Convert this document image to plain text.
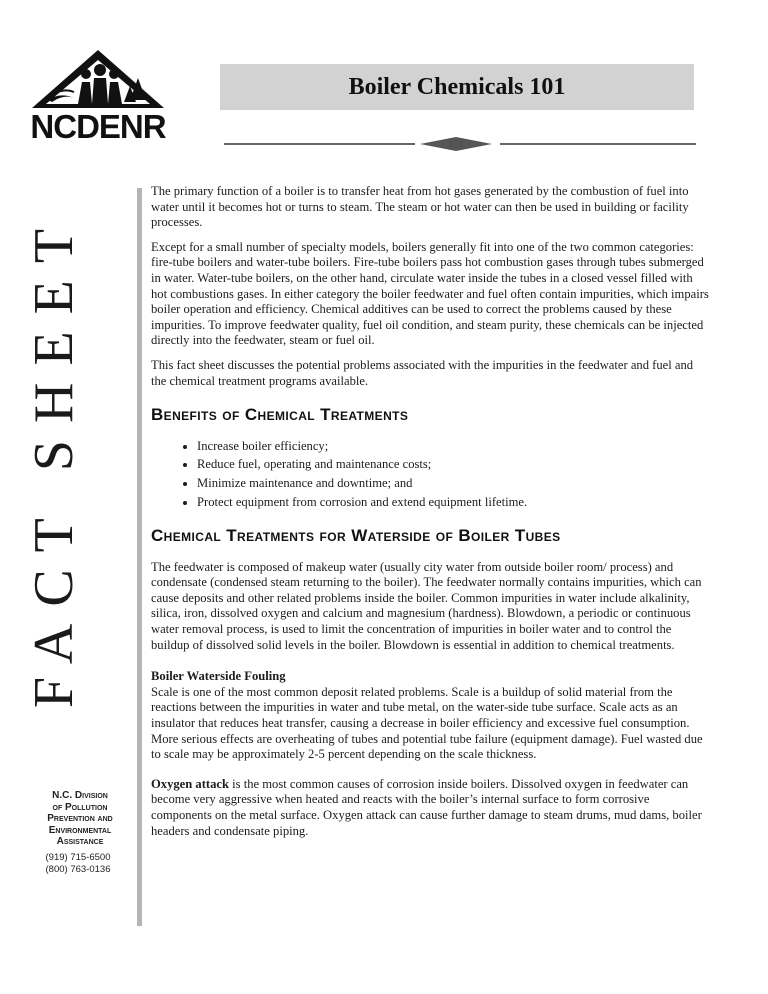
NCDENR
Boiler Chemicals 101
FACT SHEET
N.C. Division
of Pollution
Prevention and
Environmental
Assistance
(919) 715-6500
(800) 763-0136

The primary function of a boiler is to transfer heat from hot gases generated by the combustion of fuel into water until it becomes hot or turns to steam. The steam or hot water can then be used in building or facility processes.

Except for a small number of specialty models, boilers generally fit into one of the two common categories: fire-tube boilers and water-tube boilers. Fire-tube boilers pass hot combustion gases through tubes submerged in water. Water-tube boilers, on the other hand, circulate water inside the tubes in a closed vessel filled with hot combustions gases. In either category the boiler feedwater and fuel often contain impurities, which impairs boiler operation and efficiency. Chemical additives can be used to correct the problems caused by these impurities. To improve feedwater quality, fuel oil condition, and steam purity, these chemicals can be injected directly into the feedwater, steam or fuel oil.

This fact sheet discusses the potential problems associated with the impurities in the feedwater and fuel and the chemical treatment programs available.

Benefits of Chemical Treatments
• Increase boiler efficiency;
• Reduce fuel, operating and maintenance costs;
• Minimize maintenance and downtime; and
• Protect equipment from corrosion and extend equipment lifetime.
Chemical Treatments for Waterside of Boiler Tubes

The feedwater is composed of makeup water (usually city water from outside boiler room/ process) and condensate (condensed steam returning to the boiler). The feedwater normally contains impurities, which can cause deposits and other related problems inside the boiler. Common impurities in water include alkalinity, silica, iron, dissolved oxygen and calcium and magnesium (hardness). Blowdown, a periodic or continuous water removal process, is used to limit the concentration of impurities in boiler water and to control the buildup of dissolved solid levels in the boiler. Blowdown is essential in addition to chemical treatments.

Boiler Waterside Fouling

Scale is one of the most common deposit related problems. Scale is a buildup of solid material from the reactions between the impurities in water and tube metal, on the water-side tube surface. Scale acts as an insulator that reduces heat transfer, causing a decrease in boiler efficiency and excessive fuel consumption. More serious effects are overheating of tubes and potential tube failure (equipment damage). Fuel wasted due to scale may be approximately 2-5 percent depending on the scale thickness.

Oxygen attack is the most common causes of corrosion inside boilers. Dissolved oxygen in feedwater can become very aggressive when heated and reacts with the boiler’s internal surface to form corrosive components on the metal surface. Oxygen attack can cause further damage to steam drums, mud dams, boiler headers and condensate piping.
